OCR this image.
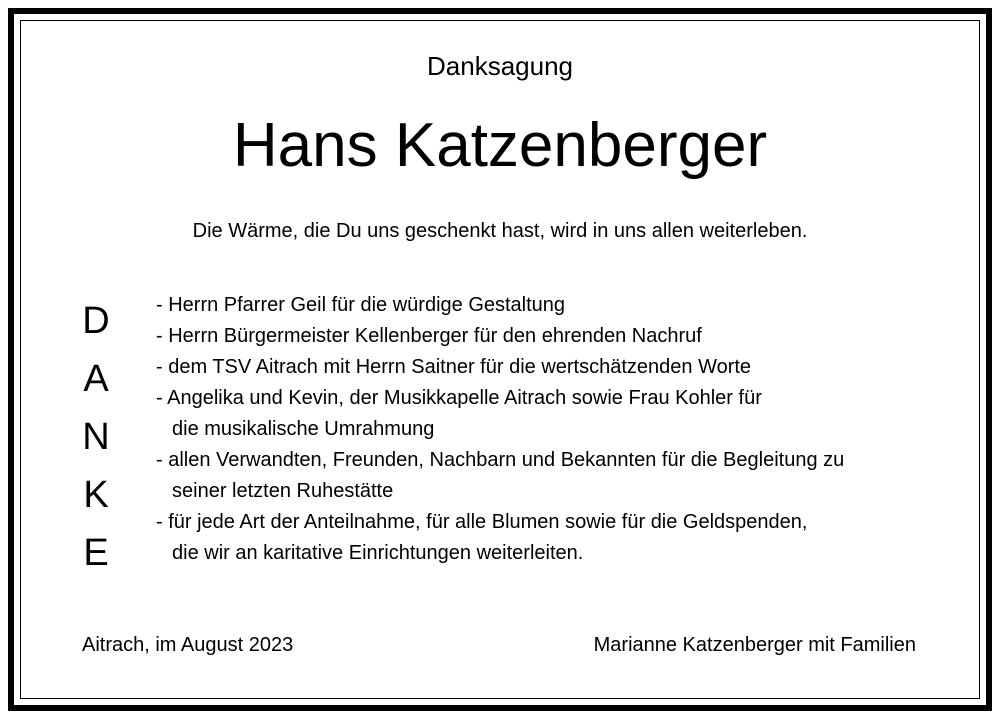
Danksagung
Hans Katzenberger
Die Wärme, die Du uns geschenkt hast, wird in uns allen weiterleben.
D
A
N
K
E
- Herrn Pfarrer Geil für die würdige Gestaltung
- Herrn Bürgermeister Kellenberger für den ehrenden Nachruf
- dem TSV Aitrach mit Herrn Saitner für die wertschätzenden Worte
- Angelika und Kevin, der Musikkapelle Aitrach sowie Frau Kohler für
die musikalische Umrahmung
- allen Verwandten, Freunden, Nachbarn und Bekannten für die Begleitung zu
seiner letzten Ruhestätte
- für jede Art der Anteilnahme, für alle Blumen sowie für die Geldspenden,
die wir an karitative Einrichtungen weiterleiten.
Aitrach, im August 2023	Marianne Katzenberger mit Familien
